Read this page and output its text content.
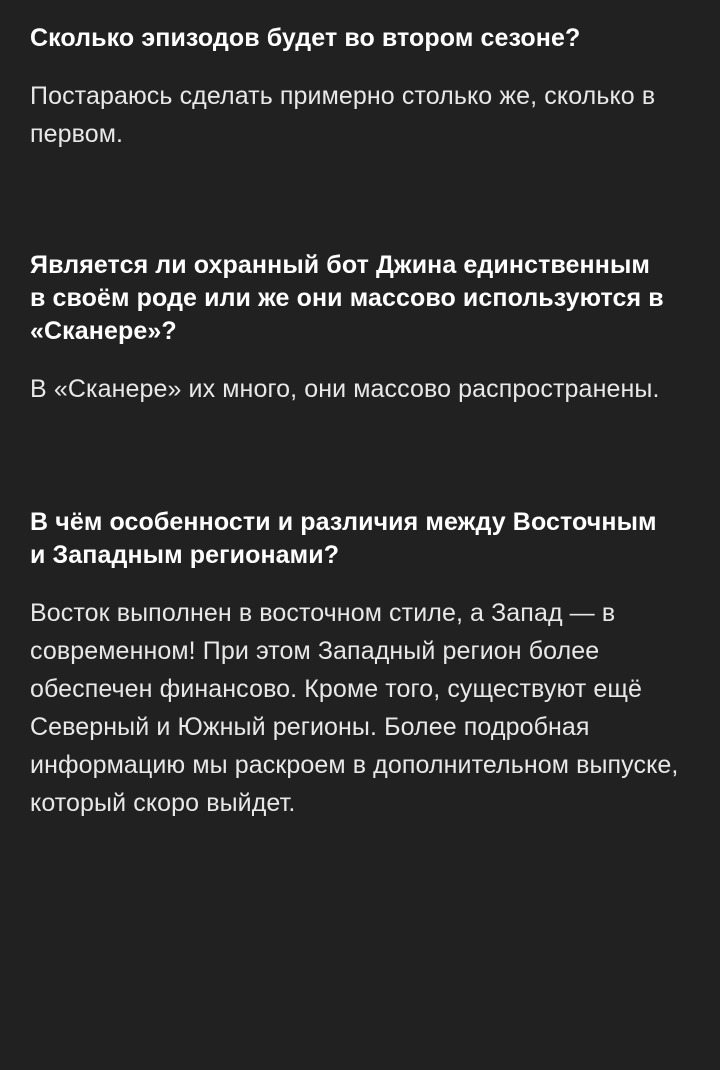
Сколько эпизодов будет во втором сезоне?

Постараюсь сделать примерно столько же, сколько в первом.

Является ли охранный бот Джина единственным в своём роде или же они массово используются в «Сканере»?

В «Сканере» их много, они массово распространены.

В чём особенности и различия между Восточным и Западным регионами?

Восток выполнен в восточном стиле, а Запад — в современном! При этом Западный регион более обеспечен финансово. Кроме того, существуют ещё Северный и Южный регионы. Более подробная информацию мы раскроем в дополнительном выпуске, который скоро выйдет.
